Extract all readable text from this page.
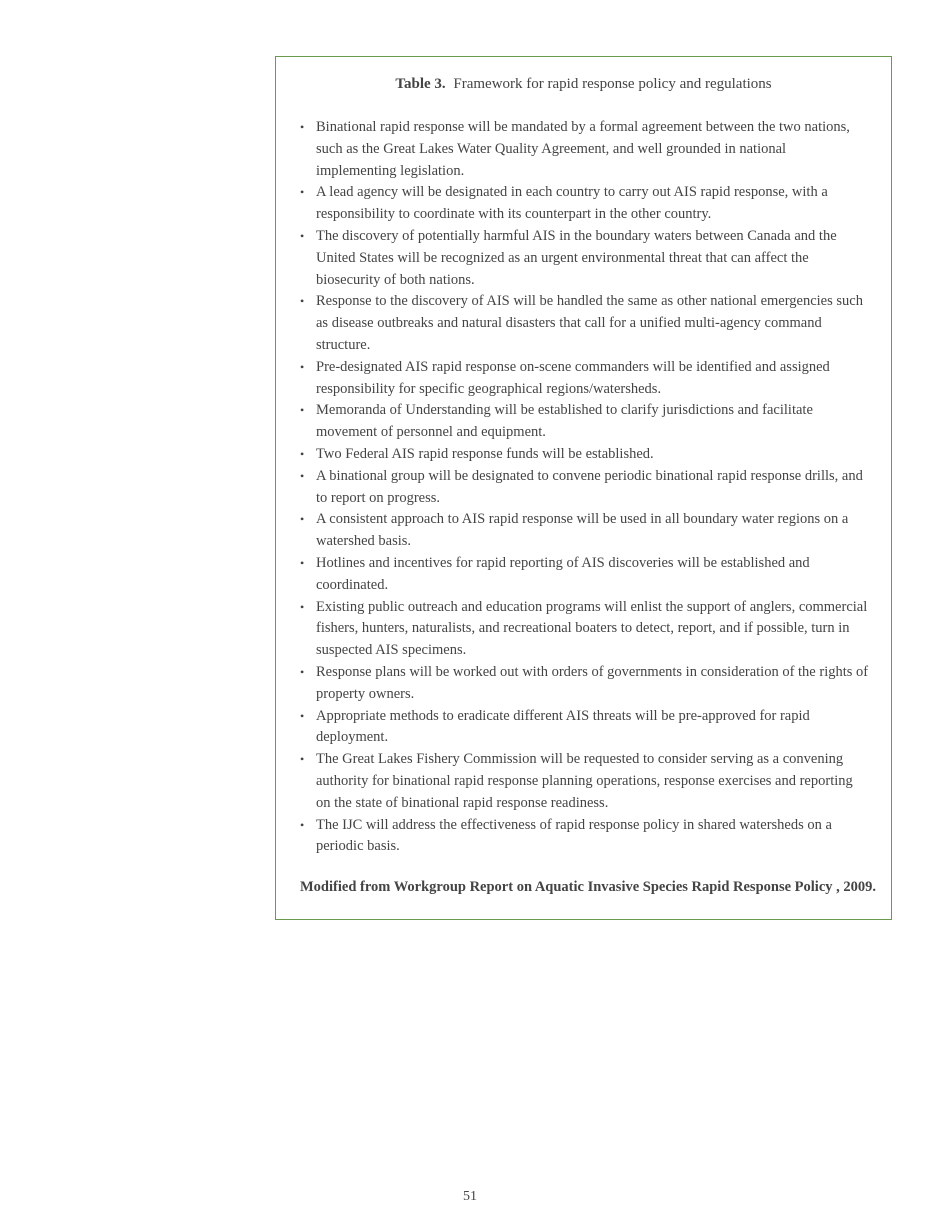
Table 3. Framework for rapid response policy and regulations
• Binational rapid response will be mandated by a formal agreement between the two nations, such as the Great Lakes Water Quality Agreement, and well grounded in national implementing legislation.
• A lead agency will be designated in each country to carry out AIS rapid response, with a responsibility to coordinate with its counterpart in the other country.
• The discovery of potentially harmful AIS in the boundary waters between Canada and the United States will be recognized as an urgent environmental threat that can affect the biosecurity of both nations.
• Response to the discovery of AIS will be handled the same as other national emergencies such as disease outbreaks and natural disasters that call for a unified multi-agency command structure.
• Pre-designated AIS rapid response on-scene commanders will be identified and assigned responsibility for specific geographical regions/watersheds.
• Memoranda of Understanding will be established to clarify jurisdictions and facilitate movement of personnel and equipment.
• Two Federal AIS rapid response funds will be established.
• A binational group will be designated to convene periodic binational rapid response drills, and to report on progress.
• A consistent approach to AIS rapid response will be used in all boundary water regions on a watershed basis.
• Hotlines and incentives for rapid reporting of AIS discoveries will be established and coordinated.
• Existing public outreach and education programs will enlist the support of anglers, commercial fishers, hunters, naturalists, and recreational boaters to detect, report, and if possible, turn in suspected AIS specimens.
• Response plans will be worked out with orders of governments in consideration of the rights of property owners.
• Appropriate methods to eradicate different AIS threats will be pre-approved for rapid deployment.
• The Great Lakes Fishery Commission will be requested to consider serving as a convening authority for binational rapid response planning operations, response exercises and reporting on the state of binational rapid response readiness.
• The IJC will address the effectiveness of rapid response policy in shared watersheds on a periodic basis.
Modified from Workgroup Report on Aquatic Invasive Species Rapid Response Policy , 2009.
51
